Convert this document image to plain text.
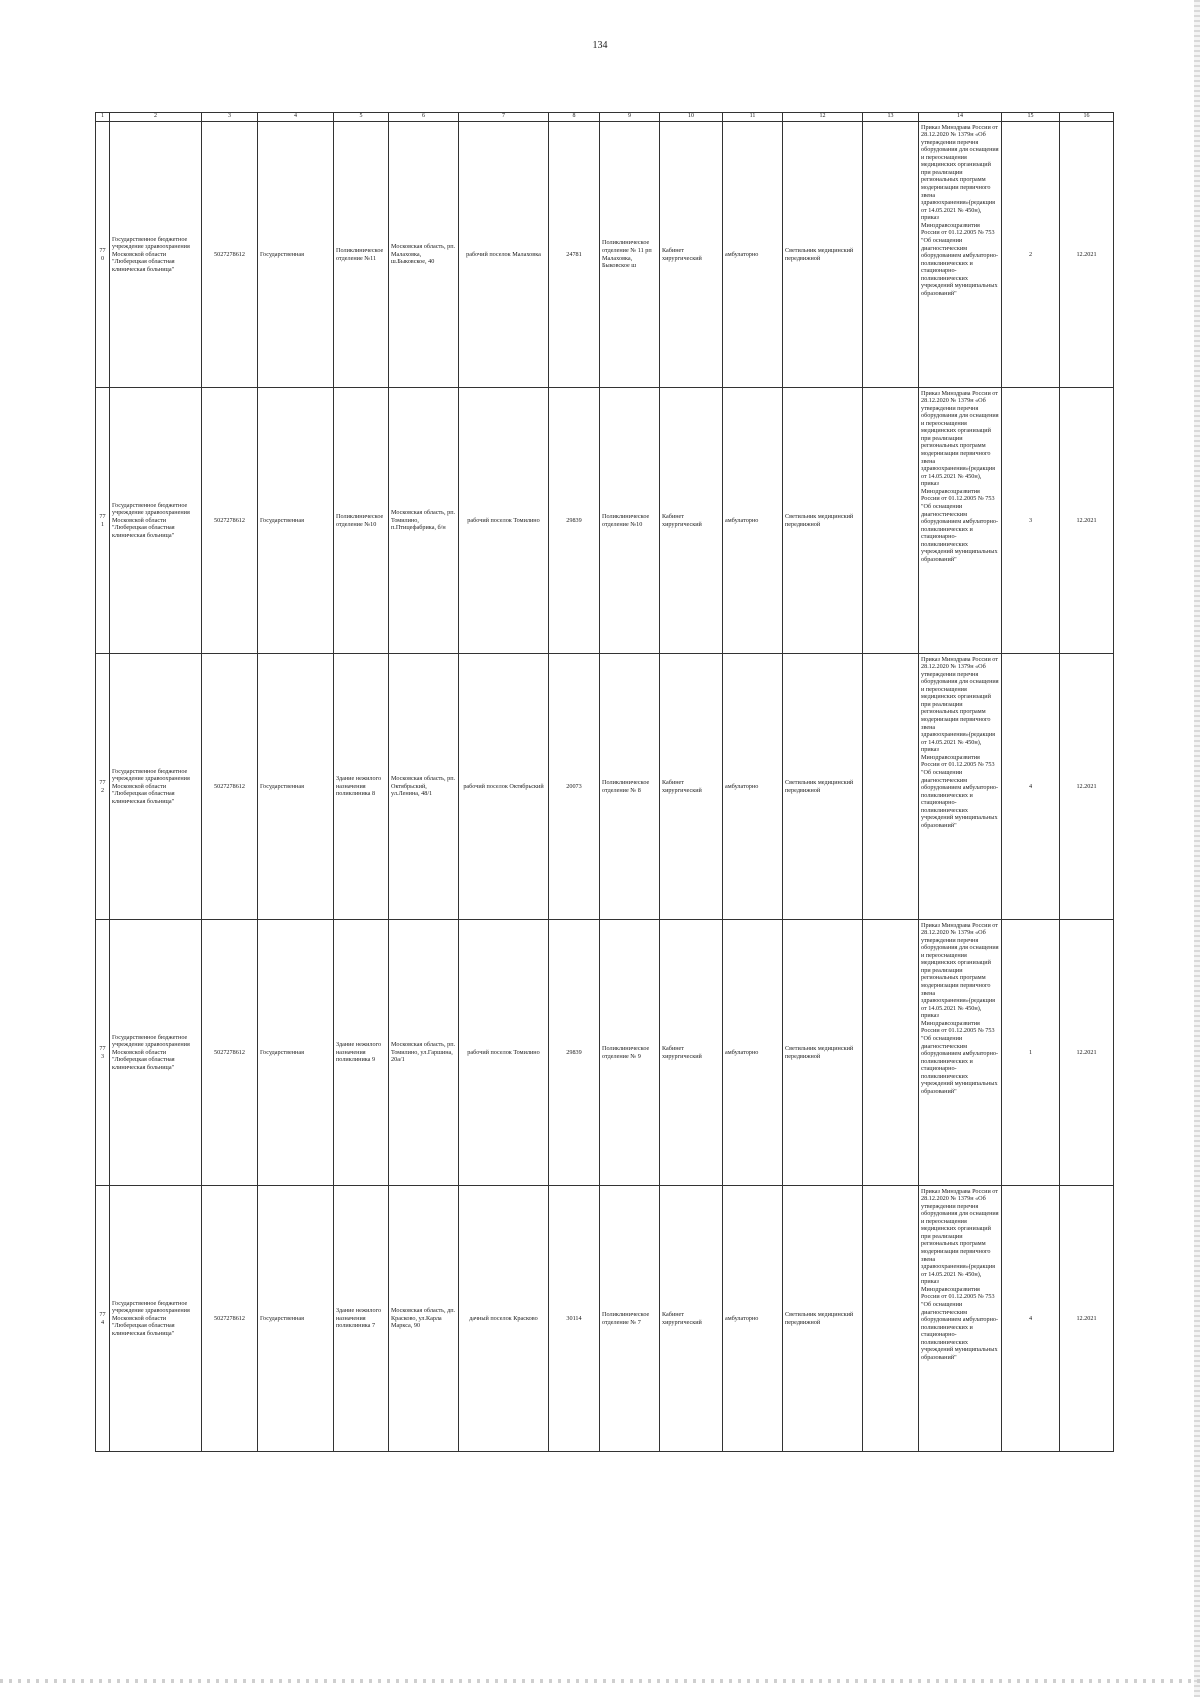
134
1	2	3	4	5	6	7	8	9	10	11	12	13	14	15	16
770	Государственное бюджетное учреждение здравоохранения Московской области "Люберецкая областная клиническая больница"	5027278612	Государственная	Поликлиническое отделение №11	Московская область, рп. Малаховка, ш.Быковское, 40	рабочий поселок Малаховка	24781	Поликлиническое отделение № 11 рп Малаховка, Быковское ш	Кабинет хирургический	амбулаторно	Светильник медицинский передвижной		Приказ Минздрава России от 28.12.2020 № 1379н «Об утверждении перечня оборудования для оснащения и переоснащения медицинских организаций при реализации региональных программ модернизации первичного звена здравоохранения»(редакция от 14.05.2021 № 450н), приказ Минздравсоцразвития России от 01.12.2005 № 753 "Об оснащении диагностическим оборудованием амбулаторно-поликлинических и стационарно-поликлинических учреждений муниципальных образований"	2	12.2021
771	Государственное бюджетное учреждение здравоохранения Московской области "Люберецкая областная клиническая больница"	5027278612	Государственная	Поликлиническое отделение №10	Московская область, рп. Томилино, п.Птицефабрика, б/н	рабочий поселок Томилино	29839	Поликлиническое отделение №10	Кабинет хирургический	амбулаторно	Светильник медицинский передвижной		Приказ Минздрава России от 28.12.2020 № 1379н «Об утверждении перечня оборудования для оснащения и переоснащения медицинских организаций при реализации региональных программ модернизации первичного звена здравоохранения»(редакция от 14.05.2021 № 450н), приказ Минздравсоцразвития России от 01.12.2005 № 753 "Об оснащении диагностическим оборудованием амбулаторно-поликлинических и стационарно-поликлинических учреждений муниципальных образований"	3	12.2021
772	Государственное бюджетное учреждение здравоохранения Московской области "Люберецкая областная клиническая больница"	5027278612	Государственная	Здание нежилого назначения поликлиника 8	Московская область, рп. Октябрьский, ул.Ленина, 48/1	рабочий поселок Октябрьский	20073	Поликлиническое отделение № 8	Кабинет хирургический	амбулаторно	Светильник медицинский передвижной		Приказ Минздрава России от 28.12.2020 № 1379н «Об утверждении перечня оборудования для оснащения и переоснащения медицинских организаций при реализации региональных программ модернизации первичного звена здравоохранения»(редакция от 14.05.2021 № 450н), приказ Минздравсоцразвития России от 01.12.2005 № 753 "Об оснащении диагностическим оборудованием амбулаторно-поликлинических и стационарно-поликлинических учреждений муниципальных образований"	4	12.2021
773	Государственное бюджетное учреждение здравоохранения Московской области "Люберецкая областная клиническая больница"	5027278612	Государственная	Здание нежилого назначения поликлиника 9	Московская область, рп. Томилино, ул.Гаршина, 20а/1	рабочий поселок Томилино	29839	Поликлиническое отделение № 9	Кабинет хирургический	амбулаторно	Светильник медицинский передвижной		Приказ Минздрава России от 28.12.2020 № 1379н «Об утверждении перечня оборудования для оснащения и переоснащения медицинских организаций при реализации региональных программ модернизации первичного звена здравоохранения»(редакция от 14.05.2021 № 450н), приказ Минздравсоцразвития России от 01.12.2005 № 753 "Об оснащении диагностическим оборудованием амбулаторно-поликлинических и стационарно-поликлинических учреждений муниципальных образований"	1	12.2021
774	Государственное бюджетное учреждение здравоохранения Московской области "Люберецкая областная клиническая больница"	5027278612	Государственная	Здание нежилого назначения поликлиника 7	Московская область, дп. Красково, ул.Карла Маркса, 90	дачный поселок Красково	30114	Поликлиническое отделение № 7	Кабинет хирургический	амбулаторно	Светильник медицинский передвижной		Приказ Минздрава России от 28.12.2020 № 1379н «Об утверждении перечня оборудования для оснащения и переоснащения медицинских организаций при реализации региональных программ модернизации первичного звена здравоохранения»(редакция от 14.05.2021 № 450н), приказ Минздравсоцразвития России от 01.12.2005 № 753 "Об оснащении диагностическим оборудованием амбулаторно-поликлинических и стационарно-поликлинических учреждений муниципальных образований"	4	12.2021
